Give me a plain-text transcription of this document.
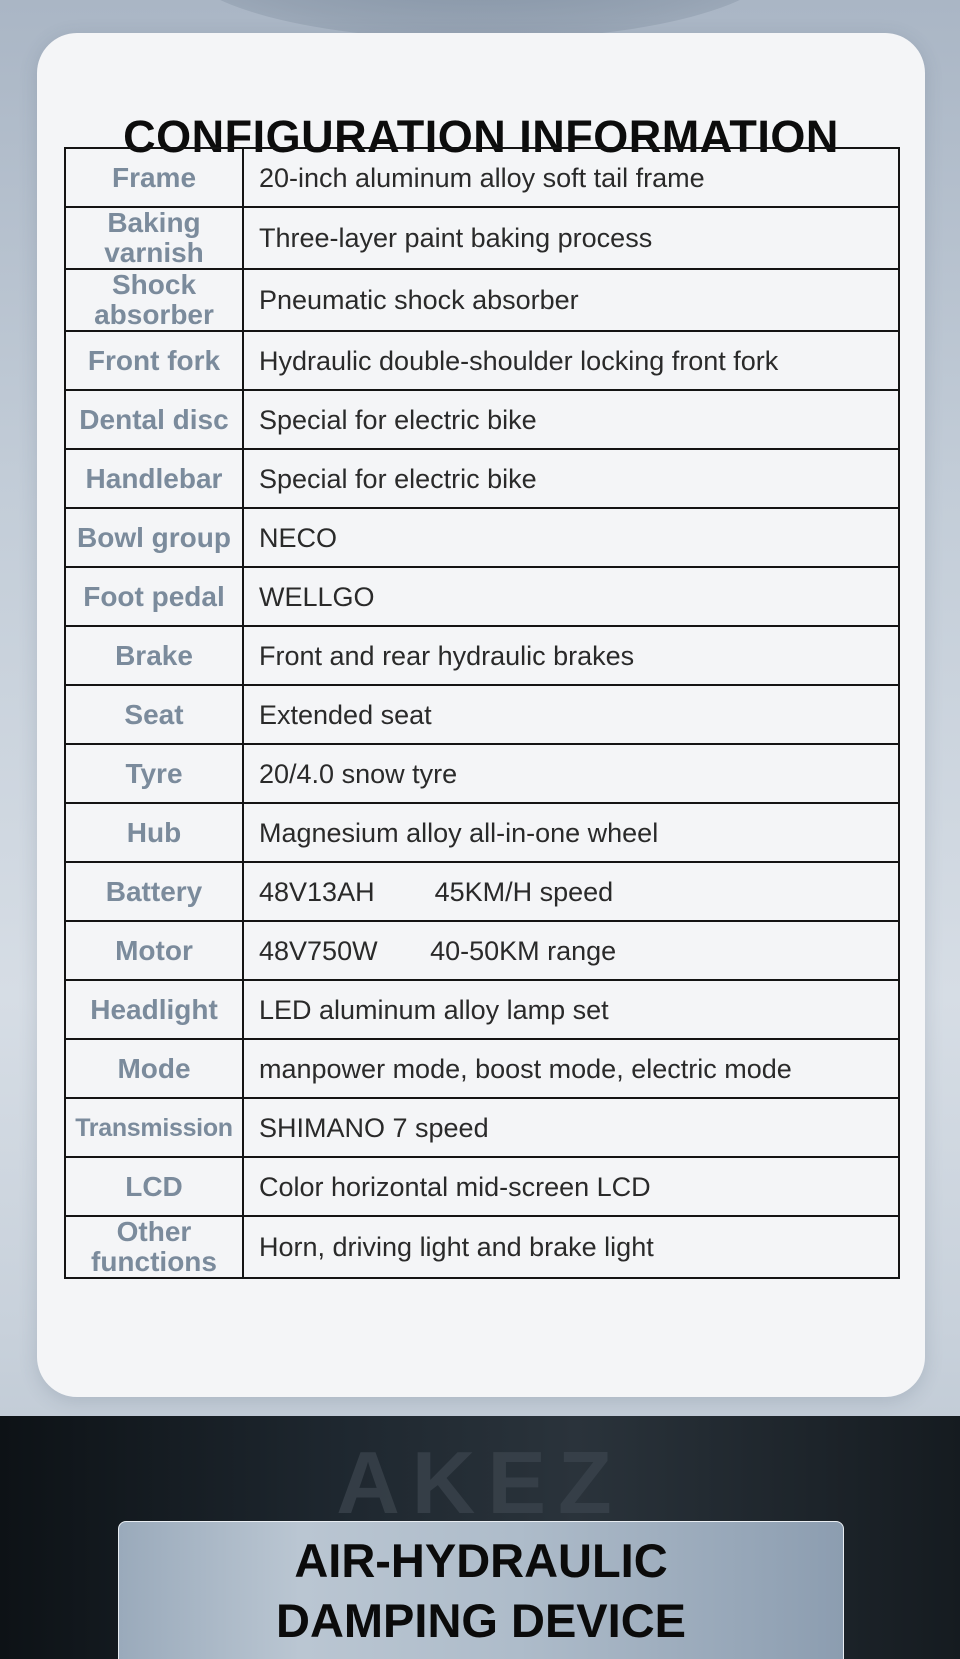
CONFIGURATION INFORMATION
Frame	20-inch aluminum alloy soft tail frame
Baking varnish	Three-layer paint baking process
Shock absorber	Pneumatic shock absorber
Front fork	Hydraulic double-shoulder locking front fork
Dental disc	Special for electric bike
Handlebar	Special for electric bike
Bowl group	NECO
Foot pedal	WELLGO
Brake	Front and rear hydraulic brakes
Seat	Extended seat
Tyre	20/4.0 snow tyre
Hub	Magnesium alloy all-in-one wheel
Battery	48V13AH        45KM/H speed
Motor	48V750W       40-50KM range
Headlight	LED aluminum alloy lamp set
Mode	manpower mode, boost mode, electric mode
Transmission	SHIMANO 7 speed
LCD	Color horizontal mid-screen LCD
Other functions	Horn, driving light and brake light
AKEZ
AIR-HYDRAULIC
DAMPING DEVICE
